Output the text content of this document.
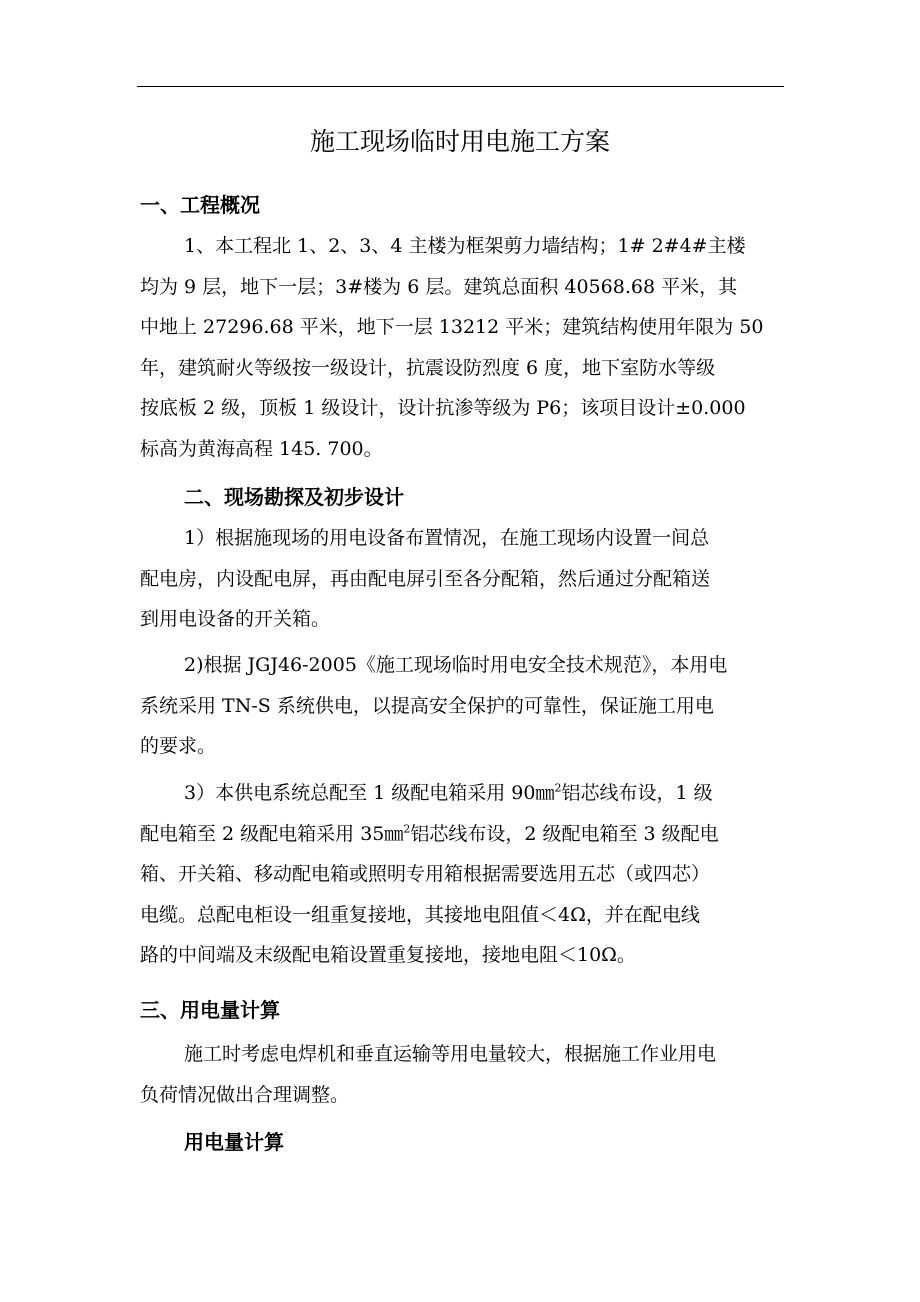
施工现场临时用电施工方案
一、工程概况
1、本工程北 1、2、3、4 主楼为框架剪力墙结构；1# 2#4#主楼
均为 9 层，地下一层；3#楼为 6 层。建筑总面积 40568.68 平米，其
中地上 27296.68 平米，地下一层 13212 平米；建筑结构使用年限为 50
年，建筑耐火等级按一级设计，抗震设防烈度 6 度，地下室防水等级
按底板 2 级，顶板 1 级设计，设计抗渗等级为 P6；该项目设计±0.000
标高为黄海高程 145. 700。
二、现场勘探及初步设计
1）根据施现场的用电设备布置情况，在施工现场内设置一间总
配电房，内设配电屏，再由配电屏引至各分配箱，然后通过分配箱送
到用电设备的开关箱。
2)根据 JGJ46-2005《施工现场临时用电安全技术规范》，本用电
系统采用 TN-S 系统供电，以提高安全保护的可靠性，保证施工用电
的要求。
3）本供电系统总配至 1 级配电箱采用 90㎜$^2$铝芯线布设，1 级
配电箱至 2 级配电箱采用 35㎜$^2$铝芯线布设，2 级配电箱至 3 级配电
箱、开关箱、移动配电箱或照明专用箱根据需要选用五芯（或四芯）
电缆。总配电柜设一组重复接地，其接地电阻值＜4Ω，并在配电线
路的中间端及末级配电箱设置重复接地，接地电阻＜10Ω。
三、用电量计算
施工时考虑电焊机和垂直运输等用电量较大，根据施工作业用电
负荷情况做出合理调整。
用电量计算
